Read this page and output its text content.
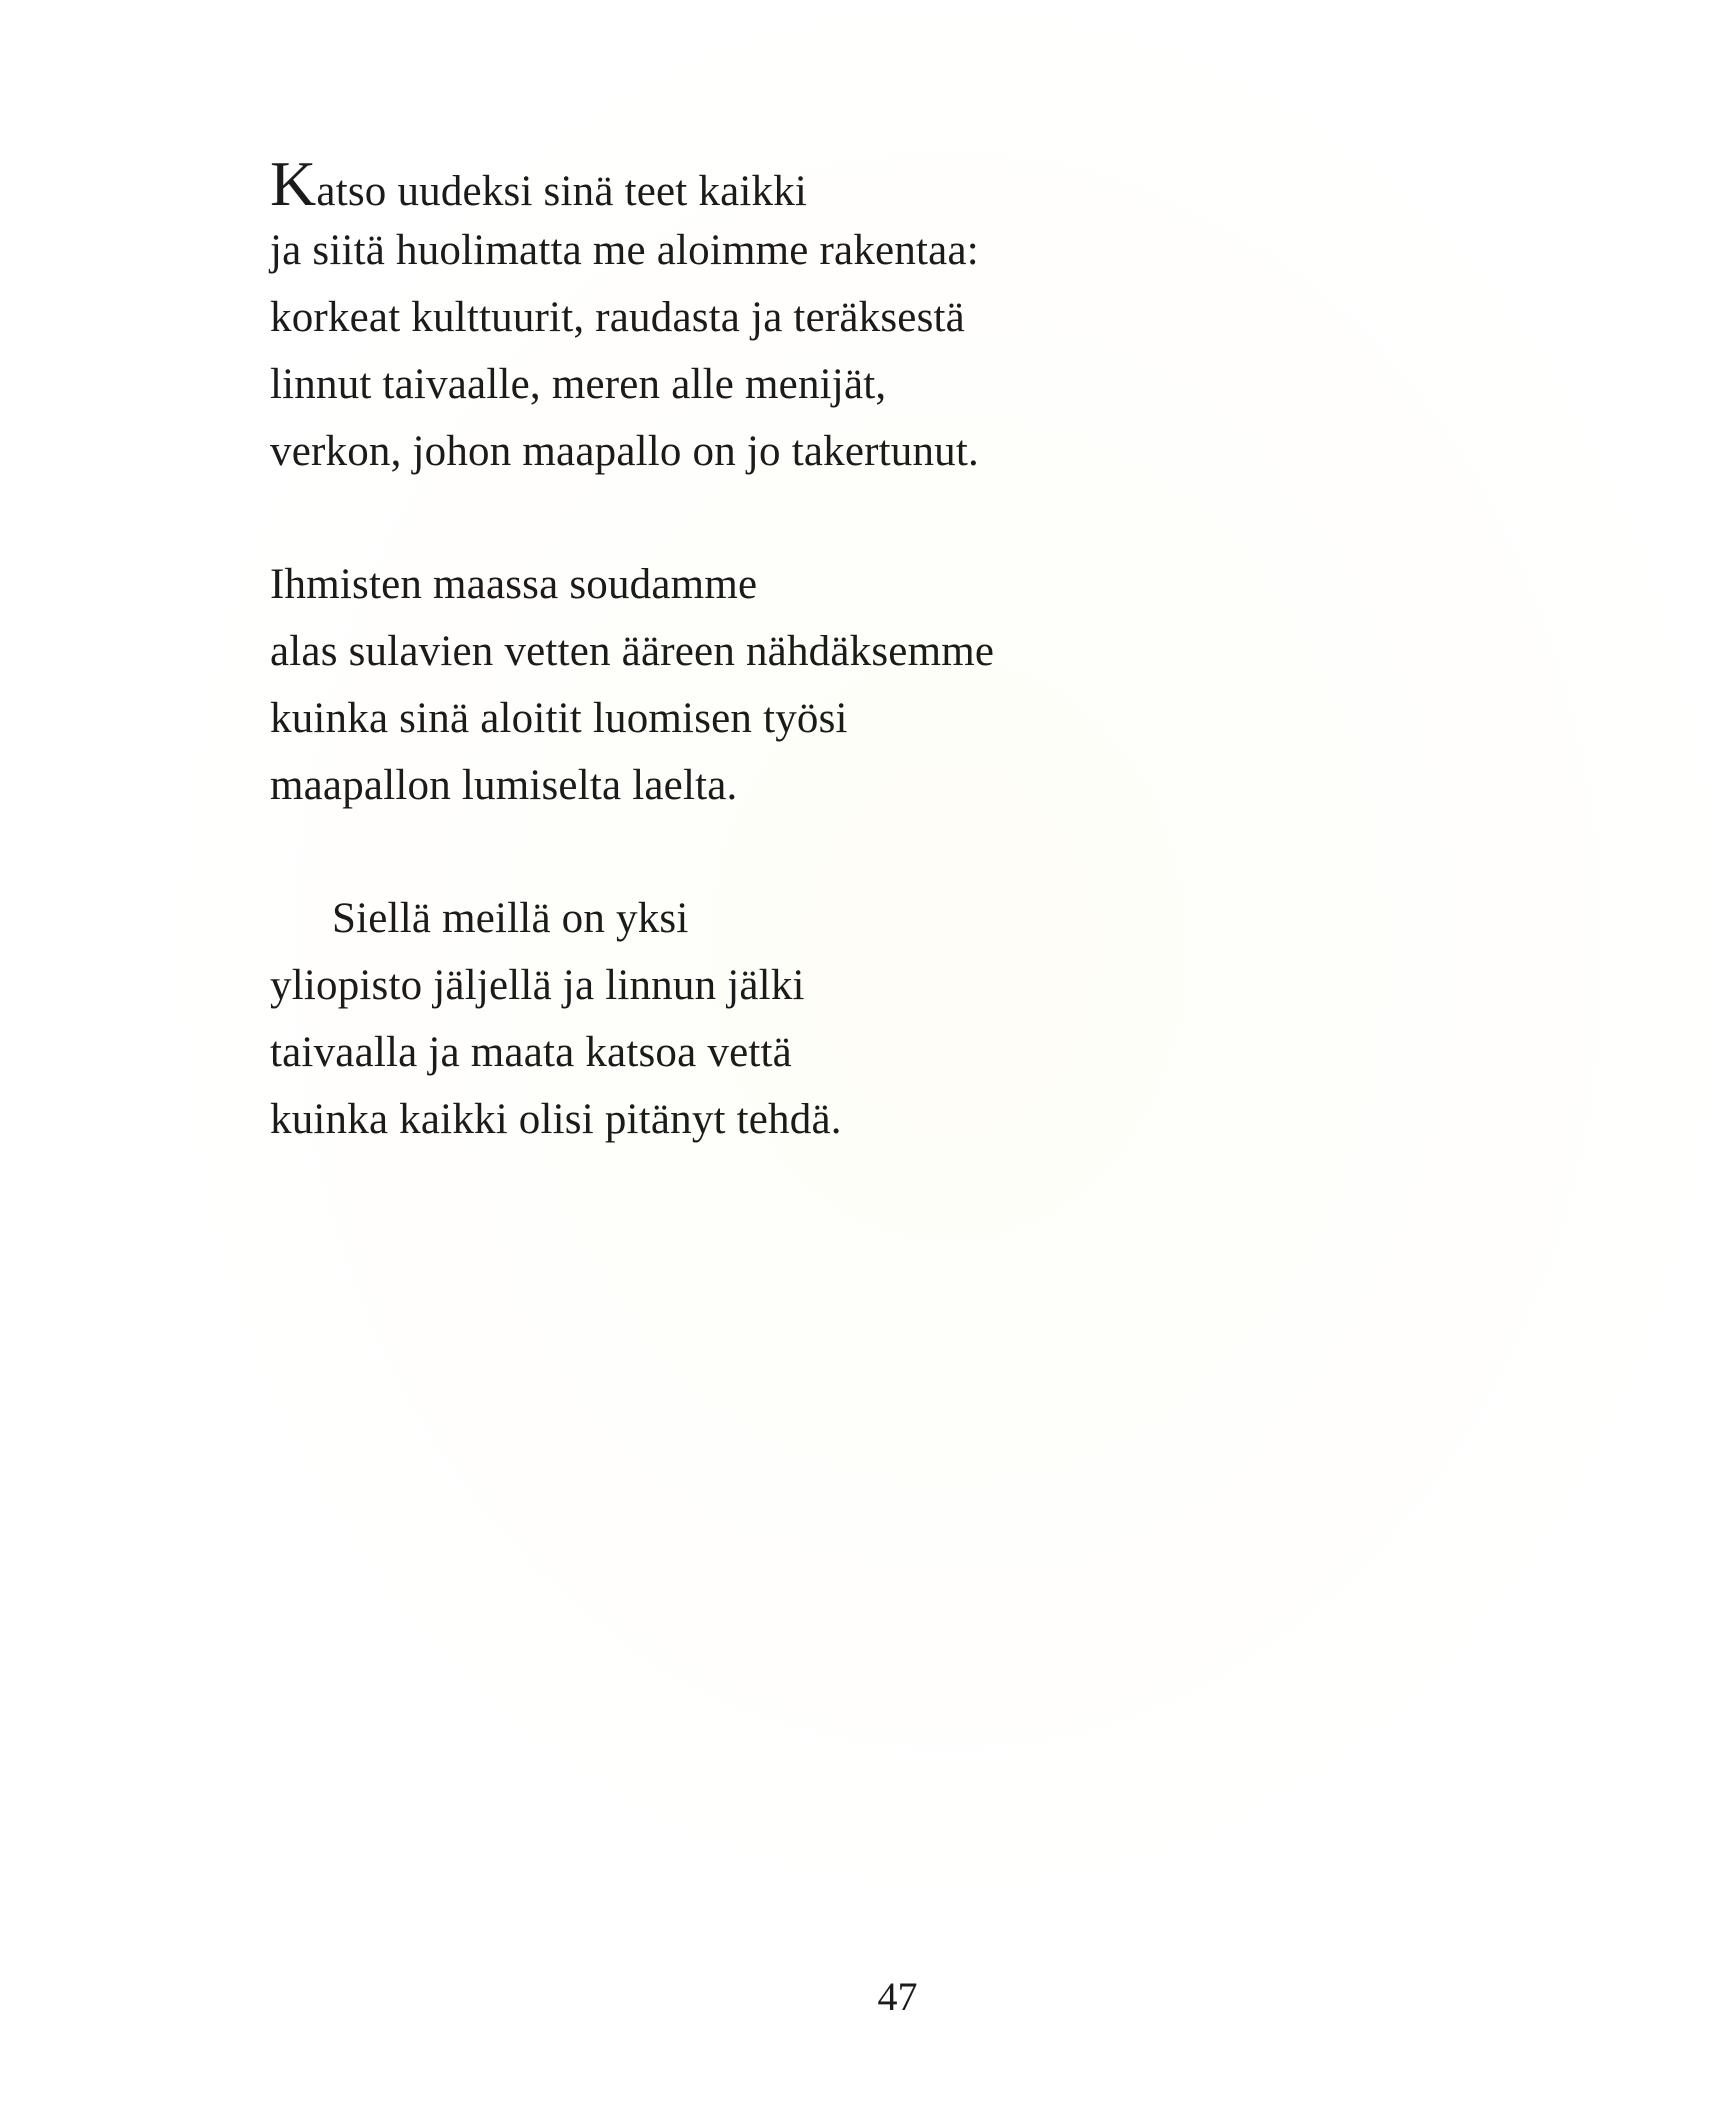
Katso uudeksi sinä teet kaikki
ja siitä huolimatta me aloimme rakentaa:
korkeat kulttuurit, raudasta ja teräksestä
linnut taivaalle, meren alle menijät,
verkon, johon maapallo on jo takertunut.
Ihmisten maassa soudamme
alas sulavien vetten ääreen nähdäksemme
kuinka sinä aloitit luomisen työsi
maapallon lumiselta laelta.
Siellä meillä on yksi
yliopisto jäljellä ja linnun jälki
taivaalla ja maata katsoa vettä
kuinka kaikki olisi pitänyt tehdä.
47
